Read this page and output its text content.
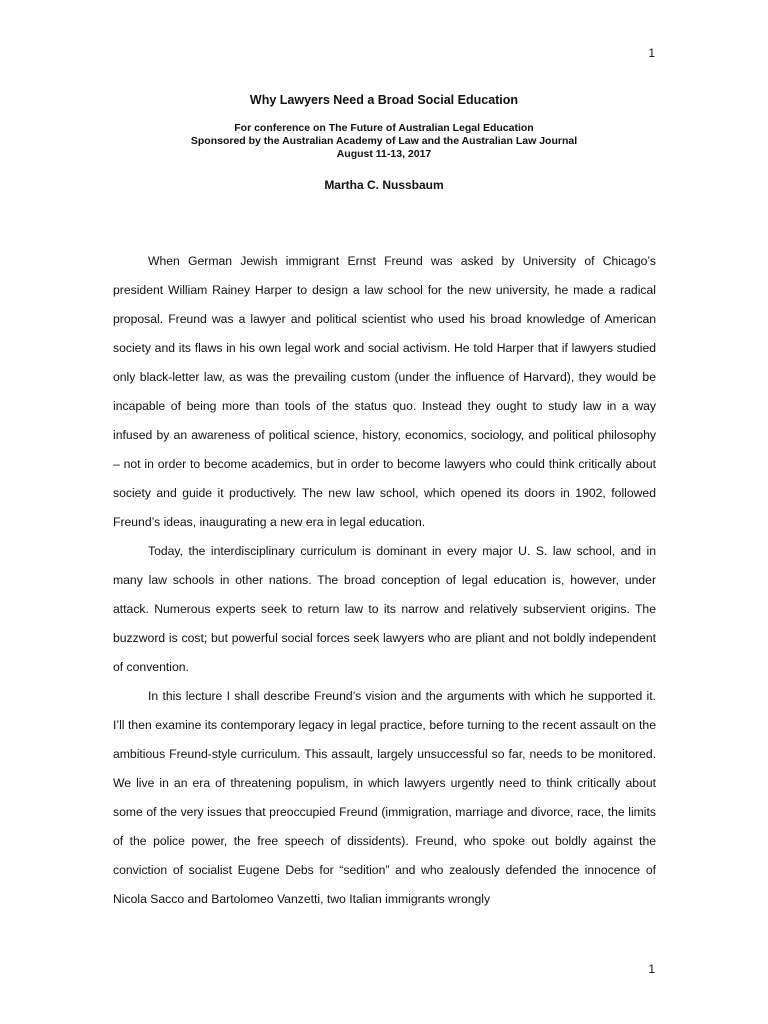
1
Why Lawyers Need a Broad Social Education
For conference on The Future of Australian Legal Education
Sponsored by the Australian Academy of Law and the Australian Law Journal
August 11-13, 2017
Martha C. Nussbaum

When German Jewish immigrant Ernst Freund was asked by University of Chicago’s president William Rainey Harper to design a law school for the new university, he made a radical proposal. Freund was a lawyer and political scientist who used his broad knowledge of American society and its flaws in his own legal work and social activism. He told Harper that if lawyers studied only black-letter law, as was the prevailing custom (under the influence of Harvard), they would be incapable of being more than tools of the status quo. Instead they ought to study law in a way infused by an awareness of political science, history, economics, sociology, and political philosophy – not in order to become academics, but in order to become lawyers who could think critically about society and guide it productively. The new law school, which opened its doors in 1902, followed Freund’s ideas, inaugurating a new era in legal education.

Today, the interdisciplinary curriculum is dominant in every major U. S. law school, and in many law schools in other nations. The broad conception of legal education is, however, under attack. Numerous experts seek to return law to its narrow and relatively subservient origins. The buzzword is cost; but powerful social forces seek lawyers who are pliant and not boldly independent of convention.

In this lecture I shall describe Freund’s vision and the arguments with which he supported it. I’ll then examine its contemporary legacy in legal practice, before turning to the recent assault on the ambitious Freund-style curriculum. This assault, largely unsuccessful so far, needs to be monitored. We live in an era of threatening populism, in which lawyers urgently need to think critically about some of the very issues that preoccupied Freund (immigration, marriage and divorce, race, the limits of the police power, the free speech of dissidents). Freund, who spoke out boldly against the conviction of socialist Eugene Debs for “sedition” and who zealously defended the innocence of Nicola Sacco and Bartolomeo Vanzetti, two Italian immigrants wrongly

1
